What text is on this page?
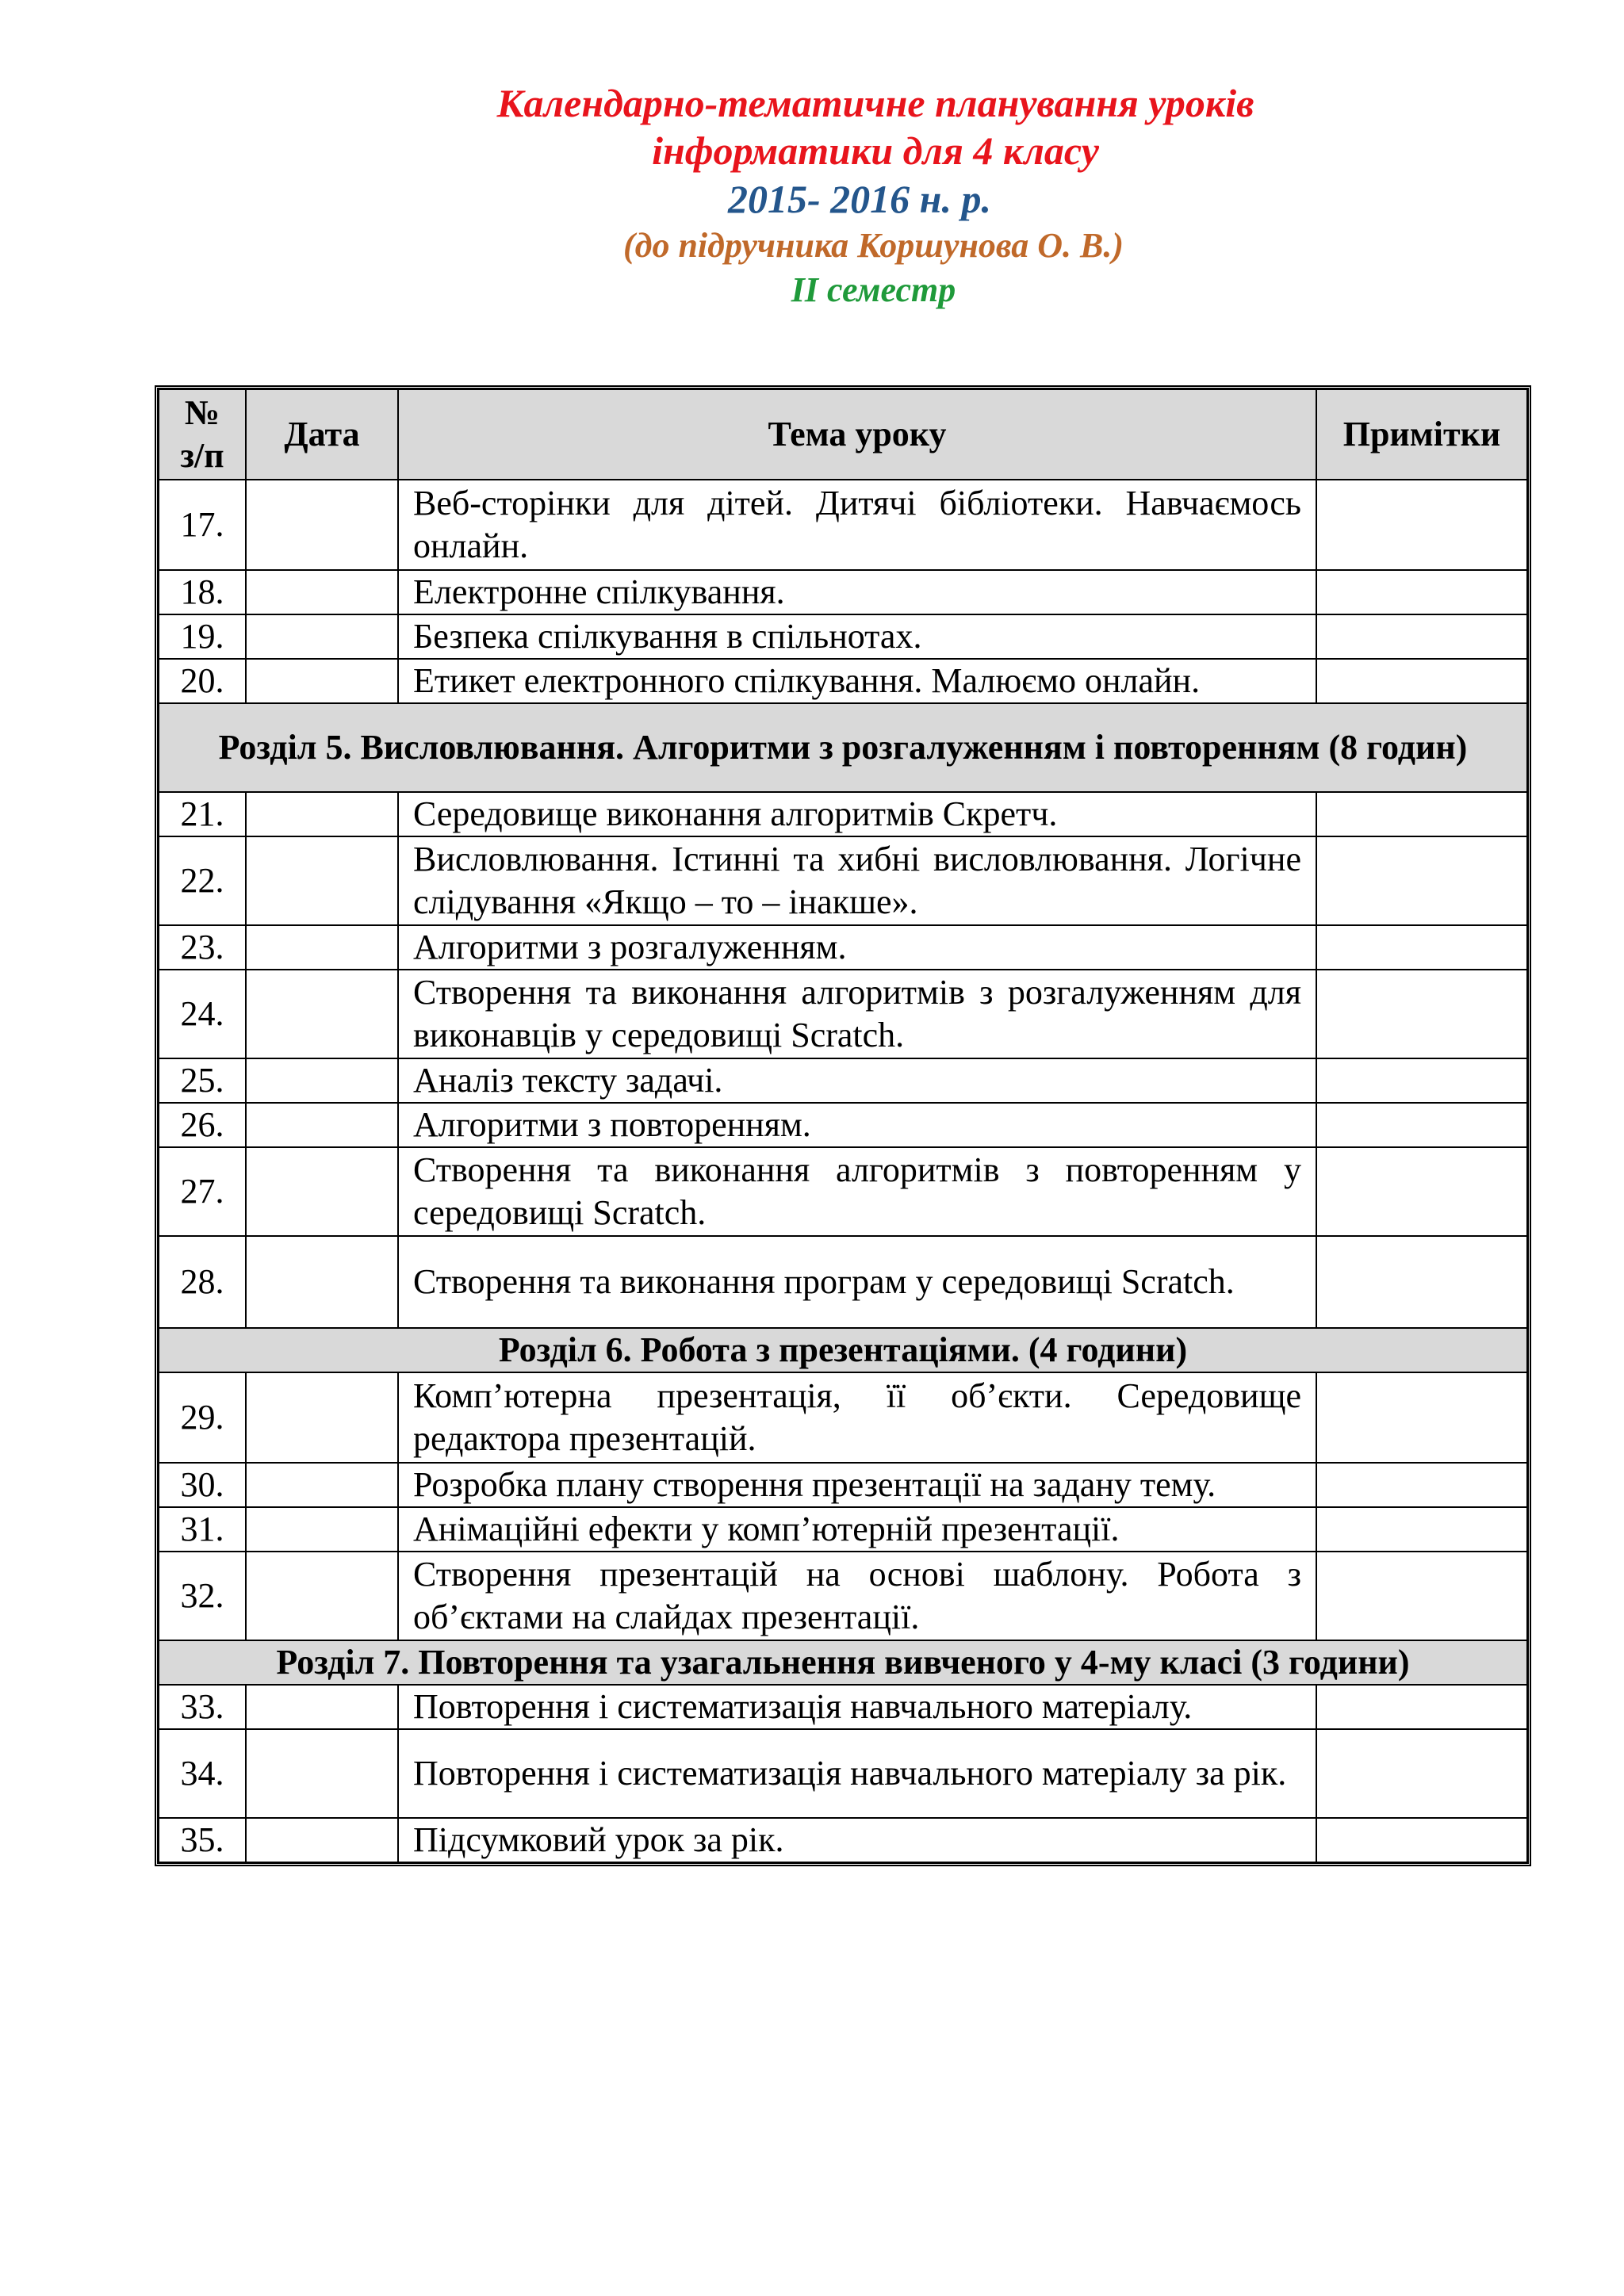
Календарно-тематичне планування уроків

інформатики для 4 класу

2015- 2016 н. р.

(до підручника Коршунова О. В.)

ІІ семестр

№
з/п	Дата	Тема уроку	Примітки
17.		Веб-сторінки для дітей. Дитячі бібліотеки. Навчаємось онлайн.	
18.		Електронне спілкування.	
19.		Безпека спілкування в спільнотах.	
20.		Етикет електронного спілкування. Малюємо онлайн.	
Розділ 5. Висловлювання. Алгоритми з розгалуженням і повторенням (8 годин)			
21.		Середовище виконання алгоритмів Скретч.	
22.		Висловлювання. Істинні та хибні висловлювання. Логічне слідування «Якщо – то – інакше».	
23.		Алгоритми з розгалуженням.	
24.		Створення та виконання алгоритмів з розгалуженням для виконавців у середовищі Scratch.	
25.		Аналіз тексту задачі.	
26.		Алгоритми з повторенням.	
27.		Створення та виконання алгоритмів з повторенням у середовищі Scratch.	
28.		Створення та виконання програм у середовищі Scratch.	
Розділ 6. Робота з презентаціями. (4 години)			
29.		Комп’ютерна презентація, її об’єкти. Середовище редактора презентацій.	
30.		Розробка плану створення презентації на задану тему.	
31.		Анімаційні ефекти у комп’ютерній презентації.	
32.		Створення презентацій на основі шаблону. Робота з об’єктами на слайдах презентації.	
Розділ 7. Повторення та узагальнення вивченого у 4-му класі (3 години)			
33.		Повторення і систематизація навчального матеріалу.	
34.		Повторення і систематизація навчального матеріалу за рік.	
35.		Підсумковий урок за рік.	
